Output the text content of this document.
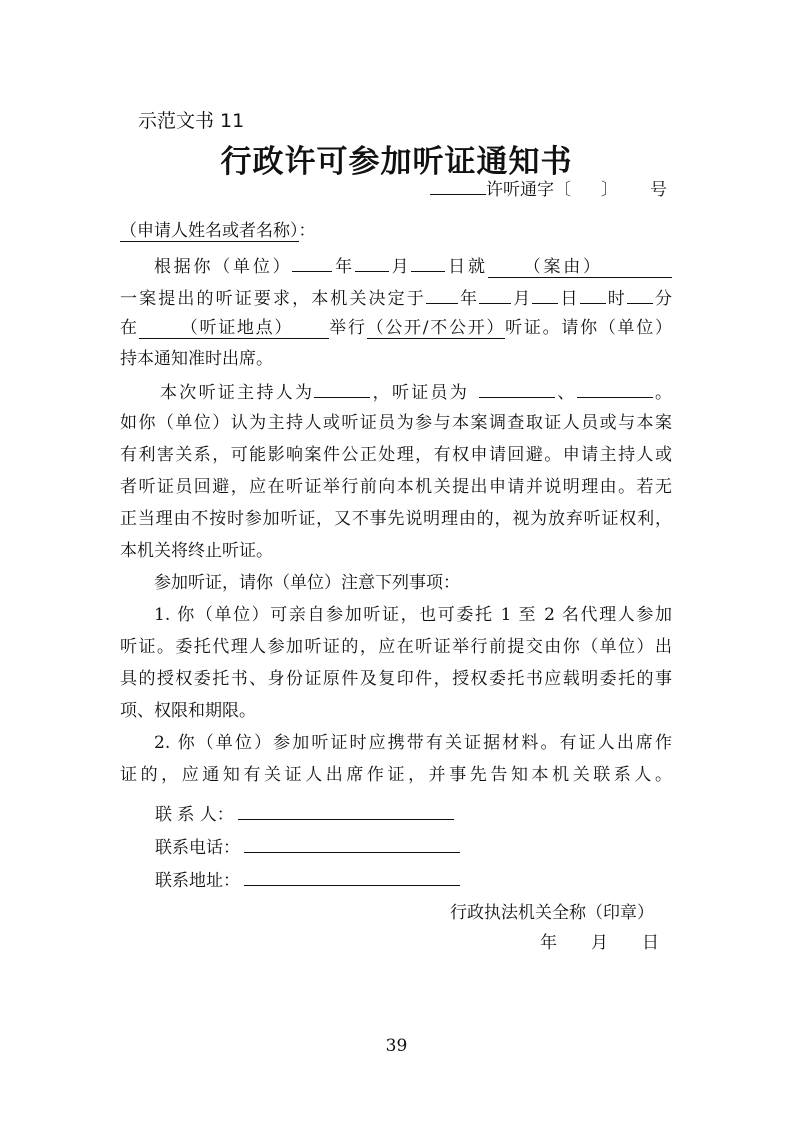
示范文书 11
行政许可参加听证通知书
许听通字〔 〕 号
（申请人姓名或者名称）：
根据你（单位） 年 月 日就 （案由）
一案提出的听证要求，本机关决定于 年 月 日 时 分
在 （听证地点） 举行（公开/不公开）听证。请你（单位）
持本通知准时出席。
本次听证主持人为	，听证员为	、	。
如你（单位）认为主持人或听证员为参与本案调查取证人员或与本案
有利害关系，可能影响案件公正处理，有权申请回避。申请主持人或
者听证员回避，应在听证举行前向本机关提出申请并说明理由。若无
正当理由不按时参加听证，又不事先说明理由的，视为放弃听证权利，
本机关将终止听证。
参加听证，请你（单位）注意下列事项：
1. 你（单位）可亲自参加听证，也可委托 1 至 2 名代理人参加
听证。委托代理人参加听证的，应在听证举行前提交由你（单位）出
具的授权委托书、身份证原件及复印件，授权委托书应载明委托的事
项、权限和期限。
2. 你（单位）参加听证时应携带有关证据材料。有证人出席作
证的，应通知有关证人出席作证，并事先告知本机关联系人。
联 系 人：
联系电话：
联系地址：
行政执法机关全称（印章）
年　　月　　日
39
